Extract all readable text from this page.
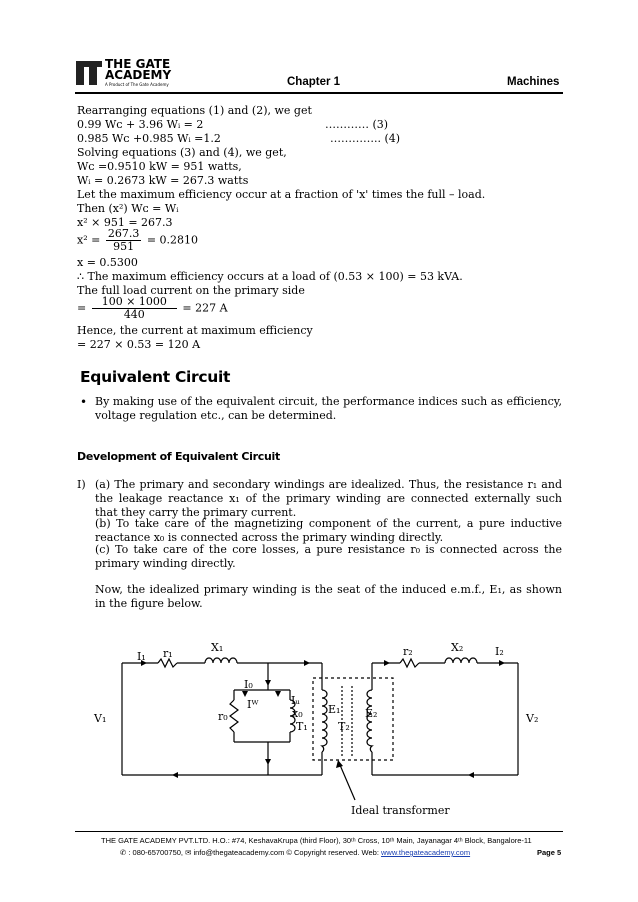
THE GATE
ACADEMY
A Product of The Gate Academy	Chapter 1	Machines
Rearranging equations (1) and (2), we get
0.99 Wᴄ + 3.96 Wᵢ = 2	………… (3)
0.985 Wᴄ +0.985 Wᵢ =1.2	………….. (4)
Solving equations (3) and (4), we get,
Wᴄ =0.9510 kW = 951 watts,
Wᵢ = 0.2673 kW = 267.3 watts
Let the maximum efficiency occur at a fraction of 'x' times the full – load.
Then (x²) Wᴄ = Wᵢ
x² × 951 = 267.3
$x^2 = \frac{267.3}{951} = 0.2810$
x = 0.5300
∴ The maximum efficiency occurs at a load of (0.53 × 100) = 53 kVA.
The full load current on the primary side
= $\frac{100 \times 1000}{440} = 227$ A
Hence, the current at maximum efficiency
= 227 × 0.53 = 120 A
Equivalent Circuit
• By making use of the equivalent circuit, the performance indices such as efficiency, voltage regulation etc., can be determined.
Development of Equivalent Circuit
I) (a) The primary and secondary windings are idealized. Thus, the resistance r₁ and the leakage reactance x₁ of the primary winding are connected externally such that they carry the primary current.
(b) To take care of the magnetizing component of the current, a pure inductive reactance x₀ is connected across the primary winding directly.
(c) To take care of the core losses, a pure resistance r₀ is connected across the primary winding directly.
Now, the idealized primary winding is the seat of the induced e.m.f., E₁, as shown in the figure below.
I₁ r₁	X₁	r₂	X₂	I₂
I₀
Iᵂ	Iᵤ
x₀
r₀
T₁
E₁
T₂
E₂
V₁	V₂
Ideal transformer
THE GATE ACADEMY PVT.LTD. H.O.: #74, KeshavaKrupa (third Floor), 30ᵗʰ Cross, 10ᵗʰ Main, Jayanagar 4ᵗʰ Block, Bangalore-11
✆ : 080-65700750, ✉ info@thegateacademy.com © Copyright reserved. Web: www.thegateacademy.com	Page 5
